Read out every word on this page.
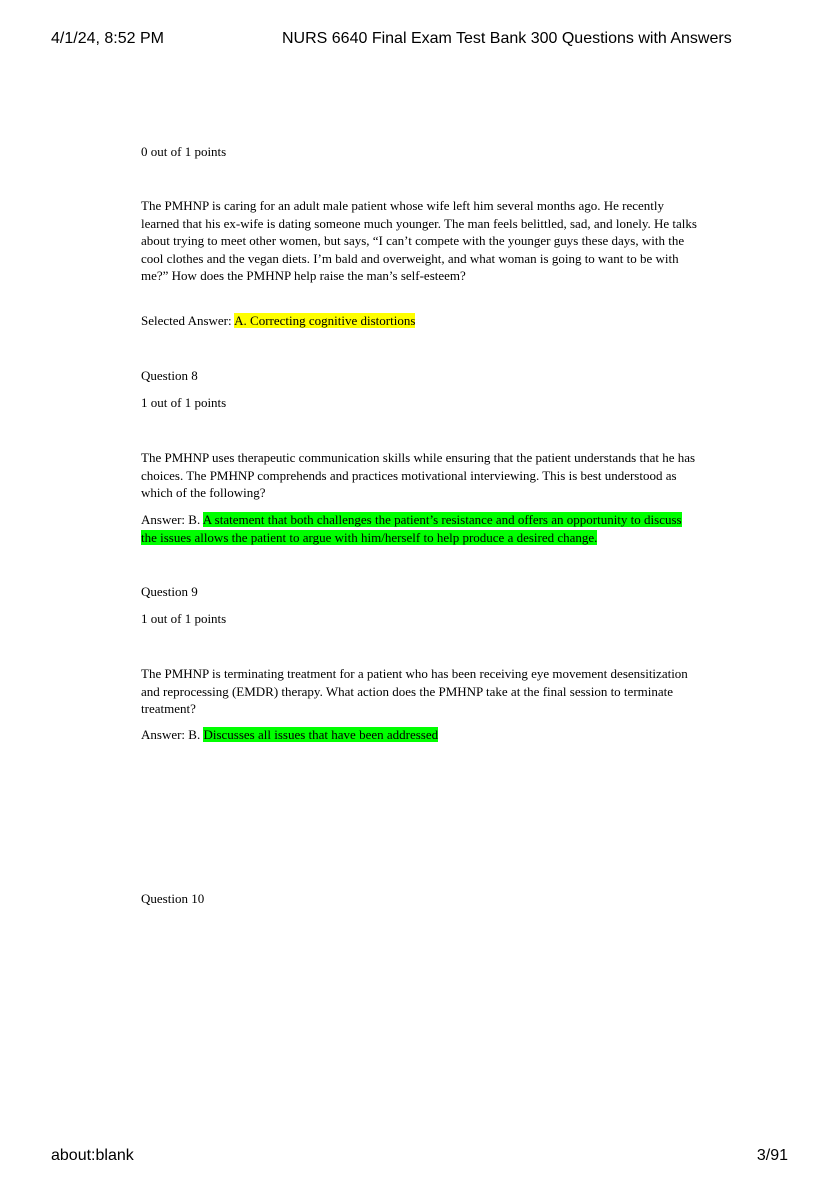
4/1/24, 8:52 PM	NURS 6640 Final Exam Test Bank 300 Questions with Answers

0 out of 1 points

The PMHNP is caring for an adult male patient whose wife left him several months ago. He recently learned that his ex-wife is dating someone much younger. The man feels belittled, sad, and lonely. He talks about trying to meet other women, but says, “I can’t compete with the younger guys these days, with the cool clothes and the vegan diets. I’m bald and overweight, and what woman is going to want to be with me?” How does the PMHNP help raise the man’s self-esteem?

Selected Answer: A. Correcting cognitive distortions

Question 8

1 out of 1 points

The PMHNP uses therapeutic communication skills while ensuring that the patient understands that he has choices. The PMHNP comprehends and practices motivational interviewing. This is best understood as which of the following?

Answer: B. A statement that both challenges the patient’s resistance and offers an opportunity to discuss the issues allows the patient to argue with him/herself to help produce a desired change.

Question 9

1 out of 1 points

The PMHNP is terminating treatment for a patient who has been receiving eye movement desensitization and reprocessing (EMDR) therapy. What action does the PMHNP take at the final session to terminate treatment?

Answer: B. Discusses all issues that have been addressed

Question 10

about:blank	3/91
